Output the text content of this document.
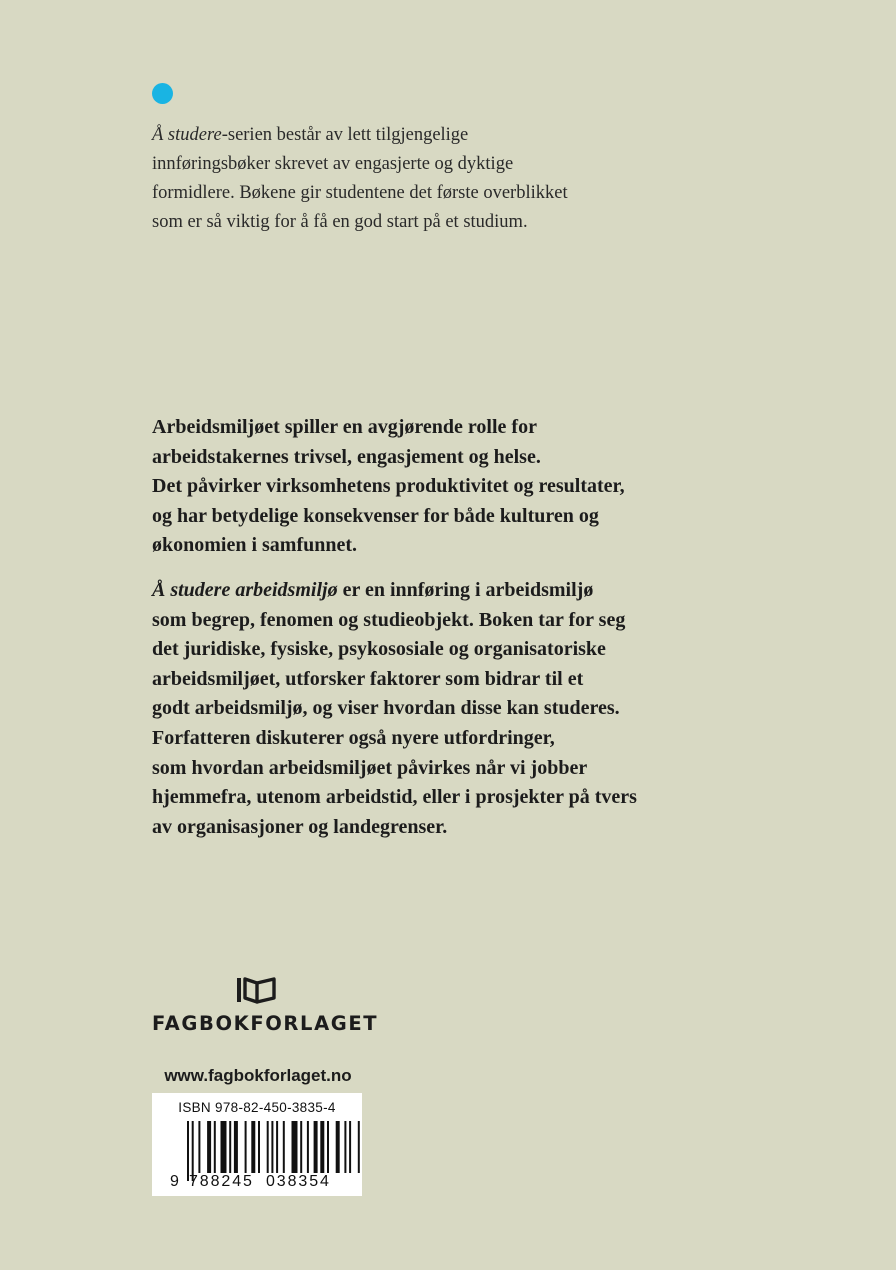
Å studere-serien består av lett tilgjengelige
innføringsbøker skrevet av engasjerte og dyktige
formidlere. Bøkene gir studentene det første overblikket
som er så viktig for å få en god start på et studium.
Arbeidsmiljøet spiller en avgjørende rolle for
arbeidstakernes trivsel, engasjement og helse.
Det påvirker virksomhetens produktivitet og resultater,
og har betydelige konsekvenser for både kulturen og
økonomien i samfunnet.
Å studere arbeidsmiljø er en innføring i arbeidsmiljø
som begrep, fenomen og studieobjekt. Boken tar for seg
det juridiske, fysiske, psykososiale og organisatoriske
arbeidsmiljøet, utforsker faktorer som bidrar til et
godt arbeidsmiljø, og viser hvordan disse kan studeres.
Forfatteren diskuterer også nyere utfordringer,
som hvordan arbeidsmiljøet påvirkes når vi jobber
hjemmefra, utenom arbeidstid, eller i prosjekter på tvers
av organisasjoner og landegrenser.
FAGBOKFORLAGET
www.fagbokforlaget.no
ISBN 978-82-450-3835-4
9 788245 038354
